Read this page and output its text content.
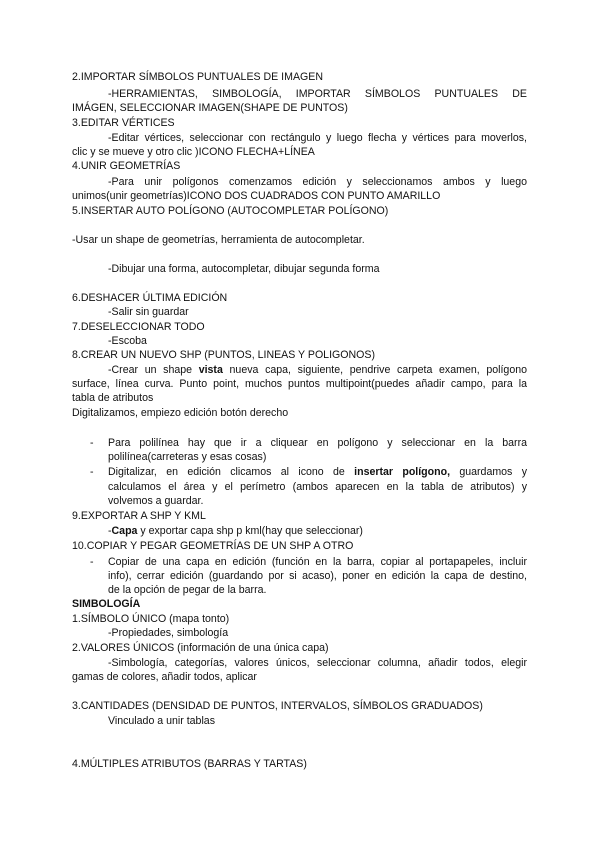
2.IMPORTAR SÍMBOLOS PUNTUALES DE IMAGEN
-HERRAMIENTAS, SIMBOLOGÍA, IMPORTAR SÍMBOLOS PUNTUALES DE
IMÁGEN, SELECCIONAR IMAGEN(SHAPE DE PUNTOS)
3.EDITAR VÉRTICES
-Editar vértices, seleccionar con rectángulo y luego flecha y vértices para moverlos,
clic y se mueve y otro clic )ICONO FLECHA+LÍNEA
4.UNIR GEOMETRÍAS
-Para unir polígonos comenzamos edición y seleccionamos ambos y luego
unimos(unir geometrías)ICONO DOS CUADRADOS CON PUNTO AMARILLO
5.INSERTAR AUTO POLÍGONO (AUTOCOMPLETAR POLÍGONO)
-Usar un shape de geometrías, herramienta de autocompletar.
-Dibujar una forma, autocompletar, dibujar segunda forma
6.DESHACER ÚLTIMA EDICIÓN
-Salir sin guardar
7.DESELECCIONAR TODO
-Escoba
8.CREAR UN NUEVO SHP (PUNTOS, LINEAS Y POLIGONOS)
-Crear un shape vista nueva capa, siguiente, pendrive carpeta examen, polígono
surface, línea curva. Punto point, muchos puntos multipoint(puedes añadir campo, para la
tabla de atributos
Digitalizamos, empiezo edición botón derecho
- Para polilínea hay que ir a cliquear en polígono y seleccionar en la barra
polilínea(carreteras y esas cosas)
- Digitalizar, en edición clicamos al icono de insertar polígono, guardamos y
calculamos el área y el perímetro (ambos aparecen en la tabla de atributos) y
volvemos a guardar.
9.EXPORTAR A SHP Y KML
-Capa y exportar capa shp p kml(hay que seleccionar)
10.COPIAR Y PEGAR GEOMETRÍAS DE UN SHP A OTRO
- Copiar de una capa en edición (función en la barra, copiar al portapapeles, incluir
info), cerrar edición (guardando por si acaso), poner en edición la capa de destino,
de la opción de pegar de la barra.
SIMBOLOGÍA
1.SÍMBOLO ÚNICO (mapa tonto)
-Propiedades, simbología
2.VALORES ÚNICOS (información de una única capa)
-Simbología, categorías, valores únicos, seleccionar columna, añadir todos, elegir
gamas de colores, añadir todos, aplicar
3.CANTIDADES (DENSIDAD DE PUNTOS, INTERVALOS, SÍMBOLOS GRADUADOS)
Vinculado a unir tablas
4.MÚLTIPLES ATRIBUTOS (BARRAS Y TARTAS)
